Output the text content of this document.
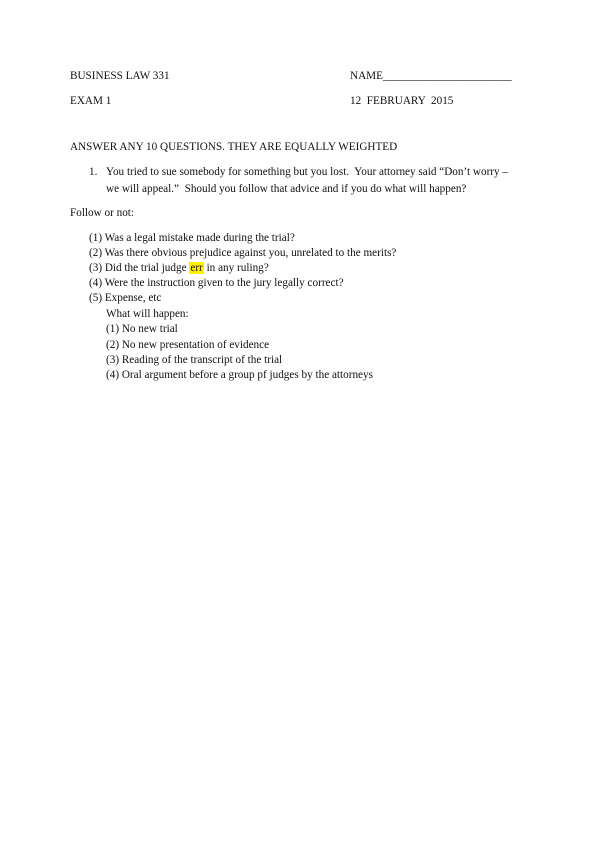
BUSINESS LAW 331	NAME_______________________
EXAM 1	12  FEBRUARY  2015
ANSWER ANY 10 QUESTIONS. THEY ARE EQUALLY WEIGHTED
1. You tried to sue somebody for something but you lost.  Your attorney said “Don’t worry –
we will appeal.”  Should you follow that advice and if you do what will happen?
Follow or not:
(1) Was a legal mistake made during the trial?
(2) Was there obvious prejudice against you, unrelated to the merits?
(3) Did the trial judge err in any ruling?
(4) Were the instruction given to the jury legally correct?
(5) Expense, etc
What will happen:
(1) No new trial
(2) No new presentation of evidence
(3) Reading of the transcript of the trial
(4) Oral argument before a group pf judges by the attorneys
